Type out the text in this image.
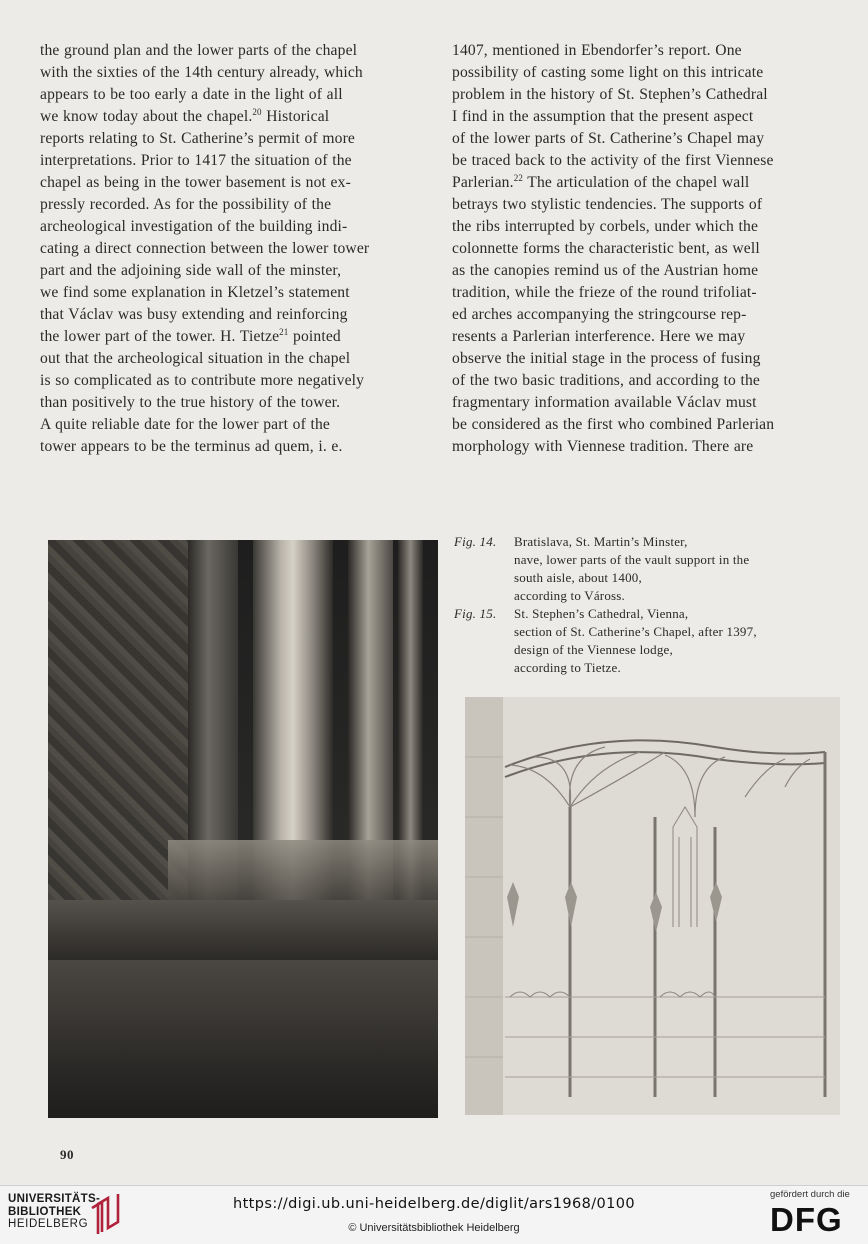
the ground plan and the lower parts of the chapel

with the sixties of the 14th century already, which

appears to be too early a date in the light of all

we know today about the chapel.$^{20}$ Historical

reports relating to St. Catherine’s permit of more

interpretations. Prior to 1417 the situation of the

chapel as being in the tower basement is not ex-

pressly recorded. As for the possibility of the

archeological investigation of the building indi-

cating a direct connection between the lower tower

part and the adjoining side wall of the minster,

we find some explanation in Kletzel’s statement

that Václav was busy extending and reinforcing

the lower part of the tower. H. Tietze$^{21}$ pointed

out that the archeological situation in the chapel

is so complicated as to contribute more negatively

than positively to the true history of the tower.

A quite reliable date for the lower part of the

tower appears to be the terminus ad quem, i. e.

1407, mentioned in Ebendorfer’s report. One

possibility of casting some light on this intricate

problem in the history of St. Stephen’s Cathedral

I find in the assumption that the present aspect

of the lower parts of St. Catherine’s Chapel may

be traced back to the activity of the first Viennese

Parlerian.$^{22}$ The articulation of the chapel wall

betrays two stylistic tendencies. The supports of

the ribs interrupted by corbels, under which the

colonnette forms the characteristic bent, as well

as the canopies remind us of the Austrian home

tradition, while the frieze of the round trifoliat-

ed arches accompanying the stringcourse rep-

resents a Parlerian interference. Here we may

observe the initial stage in the process of fusing

of the two basic traditions, and according to the

fragmentary information available Václav must

be considered as the first who combined Parlerian

morphology with Viennese tradition. There are

Fig. 14.	Bratislava, St. Martin’s Minster,

nave, lower parts of the vault support in the

south aisle, about 1400,

according to Váross.

Fig. 15.	St. Stephen’s Cathedral, Vienna,

section of St. Catherine’s Chapel, after 1397,

design of the Viennese lodge,

according to Tietze.

90
UNIVERSITÄTS-
BIBLIOTHEK
HEIDELBERG
https://digi.ub.uni-heidelberg.de/diglit/ars1968/0100
© Universitätsbibliothek Heidelberg
gefördert durch die
DFG
